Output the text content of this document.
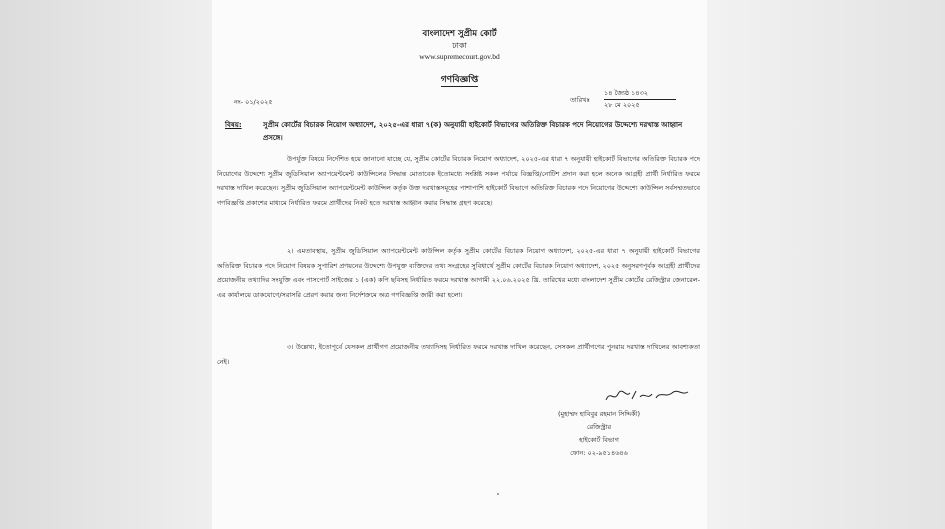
বাংলাদেশ সুপ্রীম কোর্ট
ঢাকা
www.supremecourt.gov.bd
গণবিজ্ঞপ্তি
নং- ০১/২০২৫	তারিখঃ
১৪ জ্যৈষ্ঠ ১৪৩২
২৮ মে ২০২৫
বিষয়:	সুপ্রীম কোর্টের বিচারক নিয়োগ অধ্যাদেশ, ২০২৫-এর ধারা ৭(ক) অনুযায়ী হাইকোর্ট বিভাগের অতিরিক্ত বিচারক পদে নিয়োগের উদ্দেশ্যে দরখাস্ত আহ্বান প্রসঙ্গে।
উপর্যুক্ত বিষয়ে নির্দেশিত হয়ে জানানো যাচ্ছে যে, সুপ্রীম কোর্টের বিচারক নিয়োগ অধ্যাদেশ, ২০২৫-এর ধারা ৭ অনুযায়ী হাইকোর্ট বিভাগের অতিরিক্ত বিচারক পদে নিয়োগের উদ্দেশ্যে সুপ্রীম জুডিসিয়াল অ্যাপয়েন্টমেন্ট কাউন্সিলের সিদ্ধান্ত মোতাবেক ইতোমধ্যে সংশ্লিষ্ট সকল পর্যায়ে বিজ্ঞপ্তি/নোটিশ প্রদান করা হলে অনেক আগ্রহী প্রার্থী নির্ধারিত ফরমে দরখাস্ত দাখিল করেছেন। সুপ্রীম জুডিসিয়াল অ্যাপয়েন্টমেন্ট কাউন্সিল কর্তৃক উক্ত দরখাস্তসমূহের পাশাপাশি হাইকোর্ট বিভাগে অতিরিক্ত বিচারক পদে নিয়োগের উদ্দেশ্যে কাউন্সিল সর্বসম্মতভাবে গণবিজ্ঞপ্তি প্রকাশের মাধ্যমে নির্ধারিত ফরমে প্রার্থীদের নিকট হতে দরখাস্ত আহ্বান করার সিদ্ধান্ত গ্রহণ করেছে।
২। এমতাবস্থায়, সুপ্রীম জুডিসিয়াল অ্যাপয়েন্টমেন্ট কাউন্সিল কর্তৃক সুপ্রীম কোর্টের বিচারক নিয়োগ অধ্যাদেশ, ২০২৫-এর ধারা ৭ অনুযায়ী হাইকোর্ট বিভাগের অতিরিক্ত বিচারক পদে নিয়োগ বিষয়ক সুপারিশ প্রণয়নের উদ্দেশ্যে উপযুক্ত ব্যক্তিদের তথ্য সংগ্রহের সুবিধার্থে সুপ্রীম কোর্টের বিচারক নিয়োগ অধ্যাদেশ, ২০২৫ অনুসরণপূর্বক আগ্রহী প্রার্থীদের প্রয়োজনীয় তথ্যাদির সংযুক্তি এবং পাসপোর্ট সাইজের ১ (এক) কপি ছবিসহ নির্ধারিত ফরমে দরখাস্ত আগামী ২২.০৬.২০২৫ খ্রি. তারিখের মধ্যে বাংলাদেশ সুপ্রীম কোর্টের রেজিস্ট্রার জেনারেল-এর কার্যালয়ে ডাকযোগে/সরাসরি প্রেরণ করার জন্য নির্দেশক্রমে অত্র গণবিজ্ঞপ্তি জারী করা হলো।
৩। উল্লেখ্য, ইতোপূর্বে যেসকল প্রার্থীগণ প্রয়োজনীয় তথ্যাদিসহ নির্ধারিত ফরমে দরখাস্ত দাখিল করেছেন, সেসকল প্রার্থীগণের পুনরায় দরখাস্ত দাখিলের আবশ্যকতা নেই।
(মুহাম্মদ হাবিবুর রহমান সিদ্দিকী)
রেজিস্ট্রার
হাইকোর্ট বিভাগ
ফোন: ০২-৯৫১৪৬৪৬
